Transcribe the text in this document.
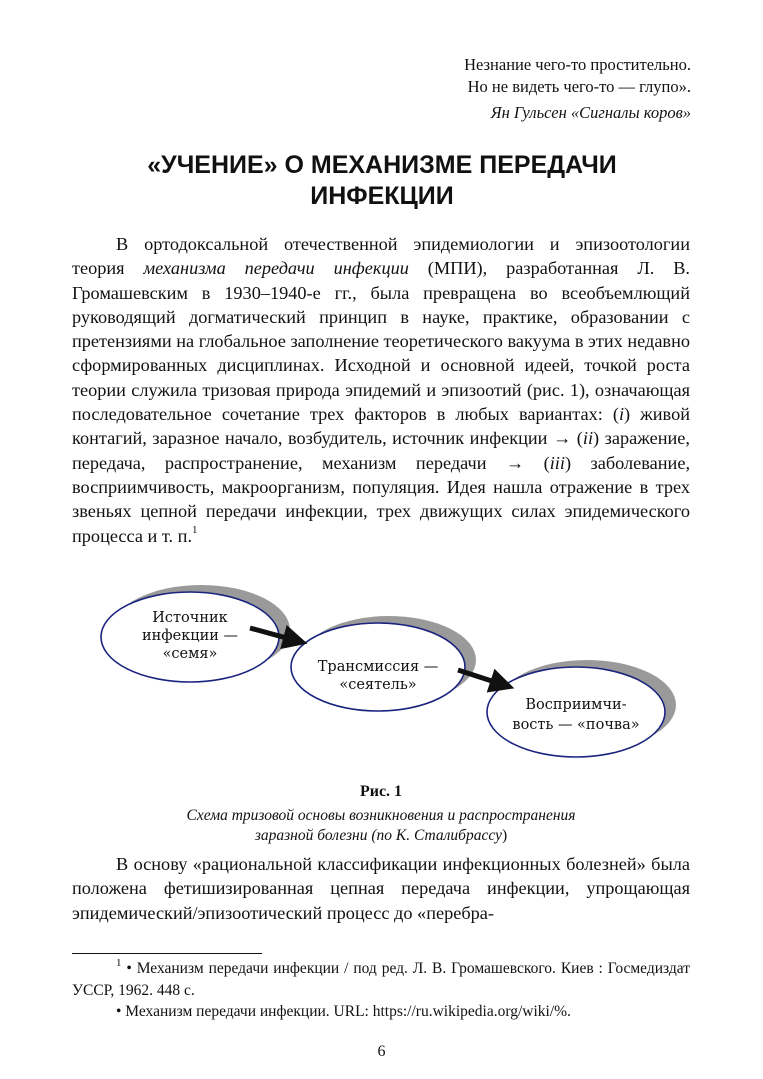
Незнание чего-то простительно.
Но не видеть чего-то — глупо».
Ян Гульсен «Сигналы коров»
«УЧЕНИЕ» О МЕХАНИЗМЕ ПЕРЕДАЧИ
ИНФЕКЦИИ
В ортодоксальной отечественной эпидемиологии и эпизоотологии теория механизма передачи инфекции (МПИ), разработанная Л. В. Громашевским в 1930–1940-е гг., была превращена во всеобъемлющий руководящий догматический принцип в науке, практике, образовании с претензиями на глобальное заполнение теоретического вакуума в этих недавно сформированных дисциплинах. Исходной и основной идеей, точкой роста теории служила тризовая природа эпидемий и эпизоотий (рис. 1), означающая последовательное сочетание трех факторов в любых вариантах: (i) живой контагий, заразное начало, возбудитель, источник инфекции → (ii) заражение, передача, распространение, механизм передачи → (iii) заболевание, восприимчивость, макроорганизм, популяция. Идея нашла отражение в трех звеньях цепной передачи инфекции, трех движущих силах эпидемического процесса и т. п.$^1$
Источник
инфекции —
«семя»
Трансмиссия —
«сеятель»
Восприимчи-
вость — «почва»
Рис. 1
Схема тризовой основы возникновения и распространения
заразной болезни (по К. Сталибрассу)
В основу «рациональной классификации инфекционных болезней» была положена фетишизированная цепная передача инфекции, упрощающая эпидемический/эпизоотический процесс до «перебра-
$^1$ • Механизм передачи инфекции / под ред. Л. В. Громашевского. Киев : Госмедиздат УССР, 1962. 448 с.
• Механизм передачи инфекции. URL: https://ru.wikipedia.org/wiki/%.
6
